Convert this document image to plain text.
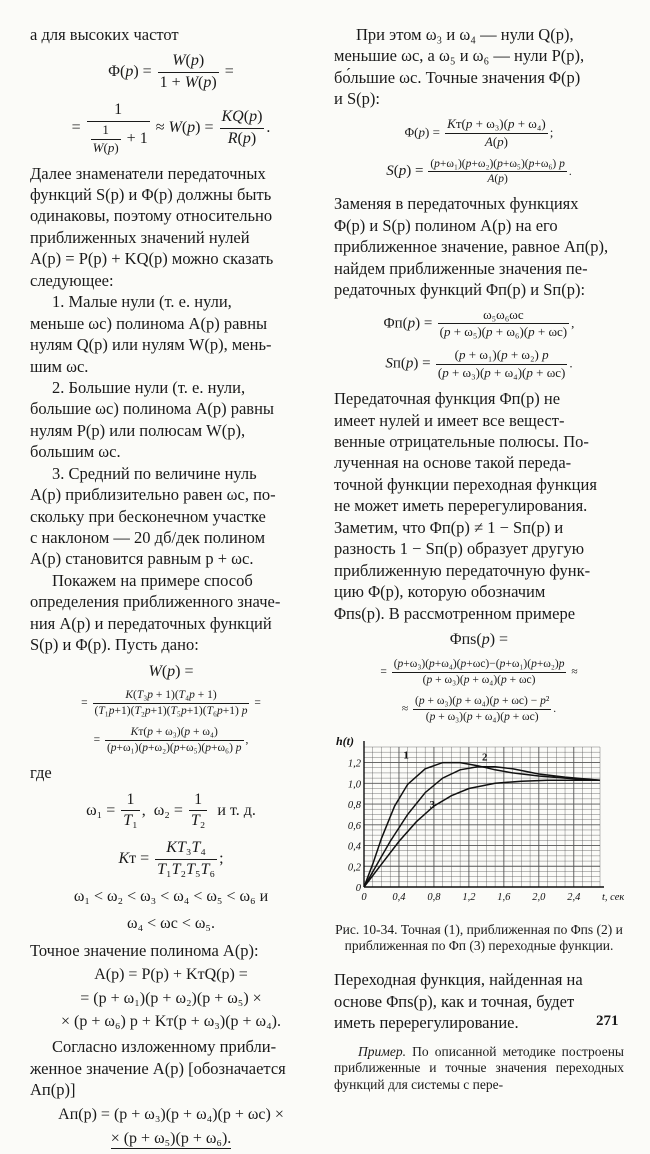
а для высоких частот

$\Phi(p) = \frac{W(p)}{1 + W(p)}$ =
= $\frac{1}{\frac{1}{W(p)} + 1} \approx W(p) = \frac{KQ(p)}{R(p)}$ .

Далее знаменатели передаточных

функций S(p) и Φ(p) должны быть

одинаковы, поэтому относительно

приближенных значений нулей

A(p) = P(p) + KQ(p) можно сказать

следующее:

1. Малые нули (т. е. нули,

меньше ωс) полинома A(p) равны

нулям Q(p) или нулям W(p), мень-

шим ωс.

2. Большие нули (т. е. нули,

большие ωс) полинома A(p) равны

нулям P(p) или полюсам W(p),

большим ωс.

3. Средний по величине нуль

A(p) приблизительно равен ωс, по-

скольку при бесконечном участке

с наклоном — 20 дб/дек полином

A(p) становится равным p + ωс.

Покажем на примере способ

определения приближенного значе-

ния A(p) и передаточных функций

S(p) и Φ(p). Пусть дано:

W(p) =
= $\frac{\text{K(T₃p + 1)(T₄p + 1)}}{\text{(T₁p+1)(T₂p+1)(T₅p+1)(T₆p+1) p}}$ =
= $\frac{\text{Kт(p + ω₃)(p + ω₄)}}{\text{(p+ω₁)(p+ω₂)(p+ω₅)(p+ω₆) p}}$ ,

где

$\omega_1 = \frac{1}{\text{T₁}}$ ,  $\omega_2 = \frac{1}{\text{T₂}}$ и т. д.
Kт = $\frac{\text{KT₃T₄}}{\text{T₁T₂T₅T₆}}$ ;
ω₁ < ω₂ < ω₃ < ω₄ < ω₅ < ω₆ и
ω₄ < ωс < ω₅.

Точное значение полинома A(p):

A(p) = P(p) + KтQ(p) =
= (p + ω₁)(p + ω₂)(p + ω₅) ×
× (p + ω₆) p + Kт(p + ω₃)(p + ω₄).

Согласно изложенному прибли-

женное значение A(p) [обозначается

Aп(p)]

Aп(p) = (p + ω₃)(p + ω₄)(p + ωс) ×
× (p + ω₅)(p + ω₆).

При этом ω₃ и ω₄ — нули Q(p),

меньшие ωс, а ω₅ и ω₆ — нули P(p),

бо́льшие ωс. Точные значения Φ(p)

и S(p):

$\Phi(p) = \frac{\text{Kт(p + ω₃)(p + ω₄)}}{A(p)}$ ;
$S(p) = \frac{\text{(p+ω₁)(p+ω₂)(p+ω₅)(p+ω₆) p}}{A(p)}$ .

Заменяя в передаточных функциях

Φ(p) и S(p) полином A(p) на его

приближенное значение, равное Aп(p),

найдем приближенные значения пе-

редаточных функций Φп(p) и Sп(p):

$\Phi п(p) = \frac{\text{ω₅ω₆ωс}}{\text{(p + ω₅)(p + ω₆)(p + ωс)}}$ ,
$Sп(p) = \frac{\text{(p + ω₁)(p + ω₂) p}}{\text{(p + ω₃)(p + ω₄)(p + ωс)}}$ .

Передаточная функция Φп(p) не

имеет нулей и имеет все вещест-

венные отрицательные полюсы. По-

лученная на основе такой переда-

точной функции переходная функция

не может иметь перерегулирования.

Заметим, что Φп(p) ≠ 1 − Sп(p) и

разность 1 − Sп(p) образует другую

приближенную передаточную функ-

цию Φ(p), которую обозначим

Φпs(p). В рассмотренном примере

Φпs(p) =
= $\frac{\text{(p+ω₃)(p+ω₄)(p+ωс)−(p+ω₁)(p+ω₂)p}}{\text{(p + ω₃)(p + ω₄)(p + ωс)}}$ ≈
≈ $\frac{\text{(p + ω₃)(p + ω₄)(p + ωс) − p²}}{\text{(p + ω₃)(p + ω₄)(p + ωс)}}$ .
0 0,4 0,8 1,2 1,6 2,0 2,4
0
0,2
0,4
0,6
0,8
1,0
1,2
h(t)
t, сек
1	2
3

Рис. 10-34. Точная (1), приближенная по Φпs (2) и приближенная по Φп (3) переходные функции.

Переходная функция, найденная на

основе Φпs(p), как и точная, будет

иметь перерегулирование.

Пример. По описанной методике построены приближенные и точные значения переходных функций для системы с пере-

271
